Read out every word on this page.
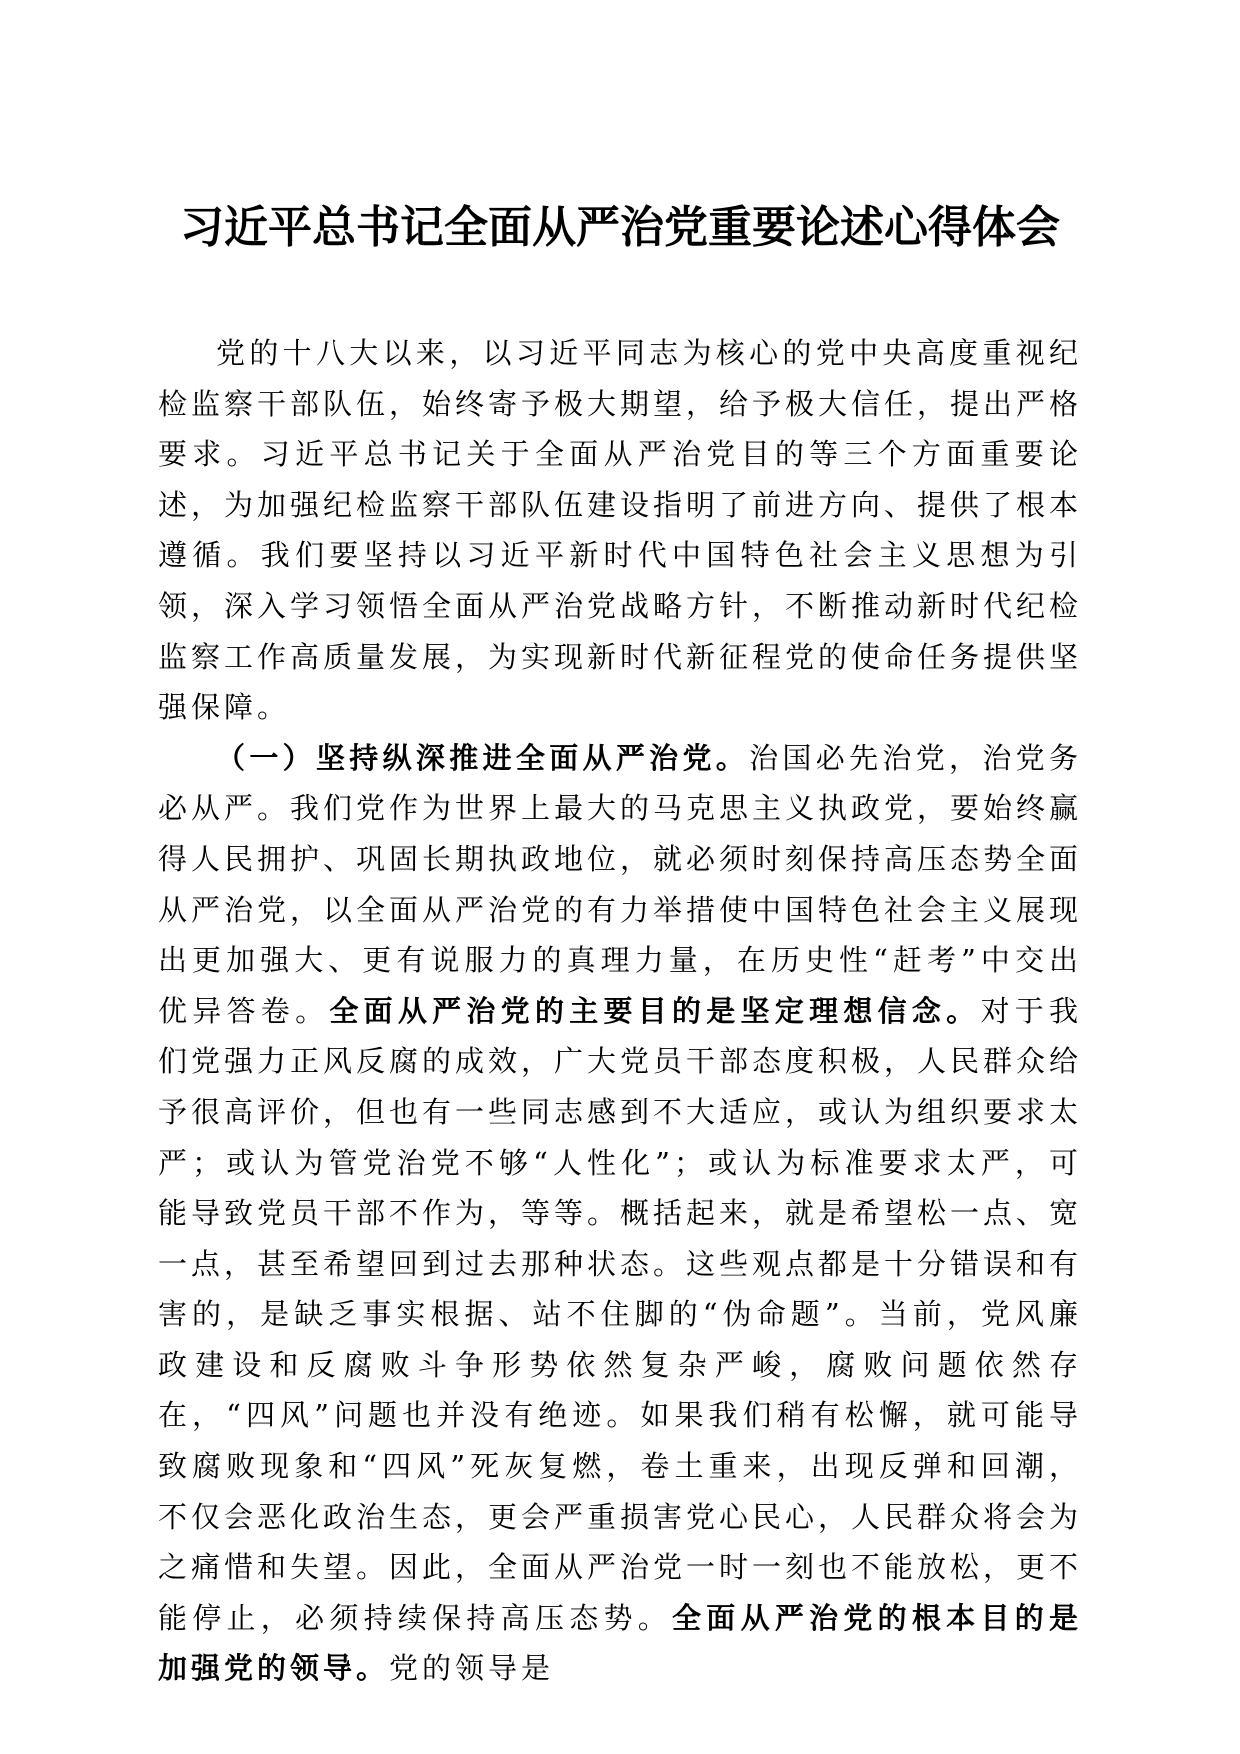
习近平总书记全面从严治党重要论述心得体会

党的十八大以来，以习近平同志为核心的党中央高度重视纪检监察干部队伍，始终寄予极大期望，给予极大信任，提出严格要求。习近平总书记关于全面从严治党目的等三个方面重要论述，为加强纪检监察干部队伍建设指明了前进方向、提供了根本遵循。我们要坚持以习近平新时代中国特色社会主义思想为引领，深入学习领悟全面从严治党战略方针，不断推动新时代纪检监察工作高质量发展，为实现新时代新征程党的使命任务提供坚强保障。

（一）坚持纵深推进全面从严治党。治国必先治党，治党务必从严。我们党作为世界上最大的马克思主义执政党，要始终赢得人民拥护、巩固长期执政地位，就必须时刻保持高压态势全面从严治党，以全面从严治党的有力举措使中国特色社会主义展现出更加强大、更有说服力的真理力量，在历史性“赶考”中交出优异答卷。全面从严治党的主要目的是坚定理想信念。对于我们党强力正风反腐的成效，广大党员干部态度积极，人民群众给予很高评价，但也有一些同志感到不大适应，或认为组织要求太严；或认为管党治党不够“人性化”；或认为标准要求太严，可能导致党员干部不作为，等等。概括起来，就是希望松一点、宽一点，甚至希望回到过去那种状态。这些观点都是十分错误和有害的，是缺乏事实根据、站不住脚的“伪命题”。当前，党风廉政建设和反腐败斗争形势依然复杂严峻，腐败问题依然存在，“四风”问题也并没有绝迹。如果我们稍有松懈，就可能导致腐败现象和“四风”死灰复燃，卷土重来，出现反弹和回潮，不仅会恶化政治生态，更会严重损害党心民心，人民群众将会为之痛惜和失望。因此，全面从严治党一时一刻也不能放松，更不能停止，必须持续保持高压态势。全面从严治党的根本目的是加强党的领导。党的领导是
